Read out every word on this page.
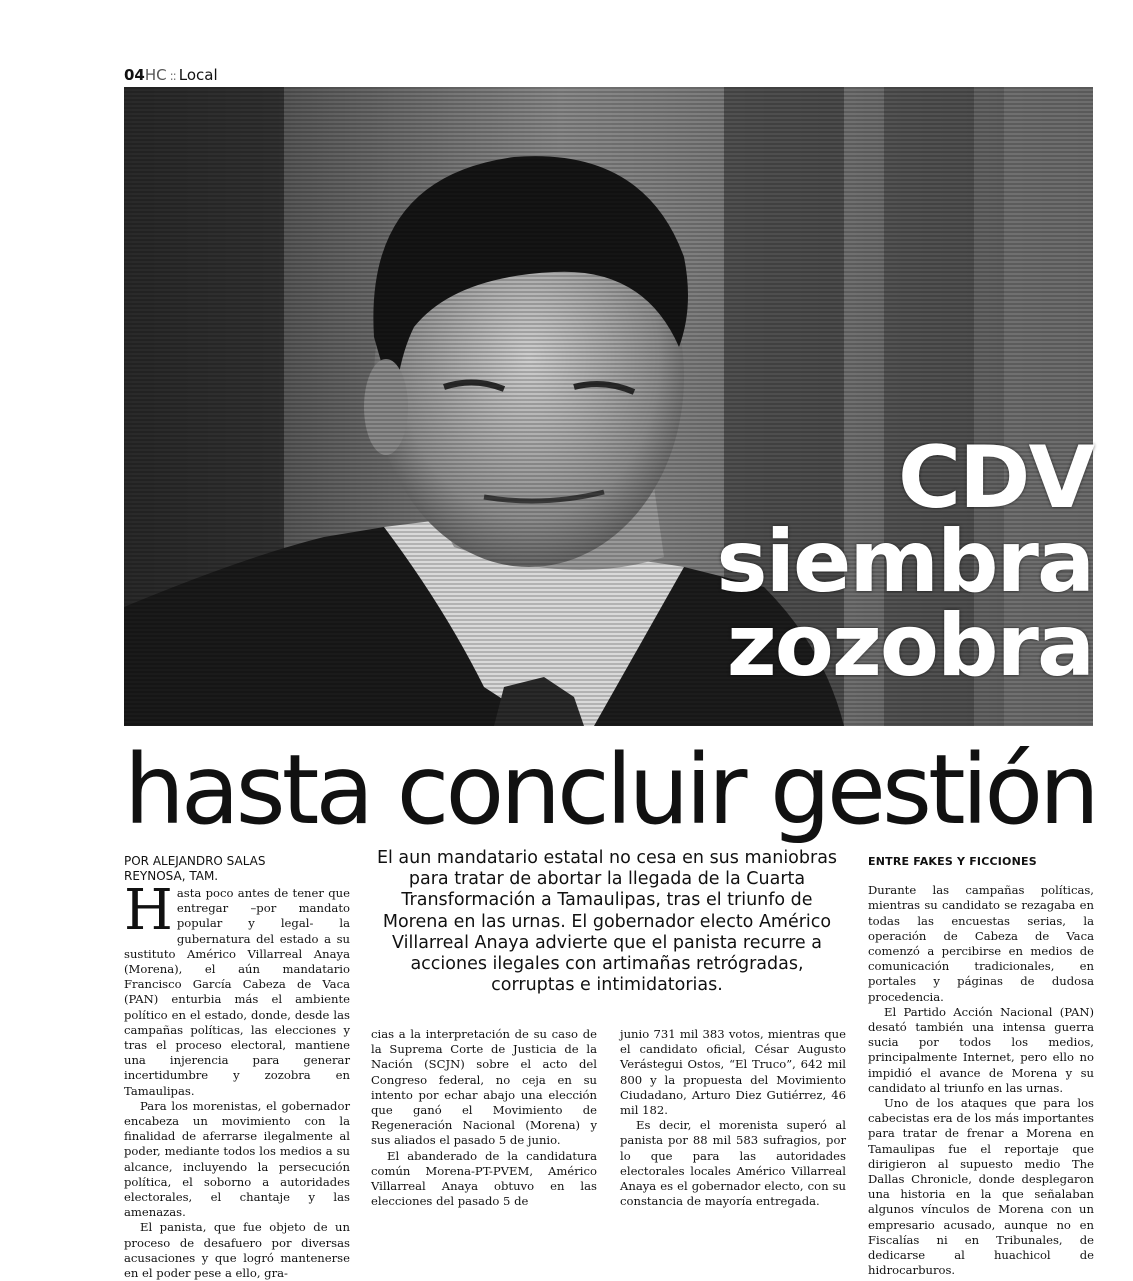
04HC :: Local
CDV
siembra
zozobra
hasta concluir gestión
POR ALEJANDRO SALAS
REYNOSA, TAM.

Hasta poco antes de tener que entregar –por mandato popular y legal- la gubernatura del estado a su sustituto Américo Villarreal Anaya (Morena), el aún mandatario Francisco García Cabeza de Vaca (PAN) enturbia más el ambiente político en el estado, donde, desde las campañas políticas, las elecciones y tras el proceso electoral, mantiene una injerencia para generar incertidumbre y zozobra en Tamaulipas.

Para los morenistas, el gobernador encabeza un movimiento con la finalidad de aferrarse ilegalmente al poder, mediante todos los medios a su alcance, incluyendo la persecución política, el soborno a autoridades electorales, el chantaje y las amenazas.

El panista, que fue objeto de un proceso de desafuero por diversas acusaciones y que logró mantenerse en el poder pese a ello, gra-

El aun mandatario estatal no cesa en sus maniobras para tratar de abortar la llegada de la Cuarta Transformación a Tamaulipas, tras el triunfo de Morena en las urnas. El gobernador electo Américo Villarreal Anaya advierte que el panista recurre a acciones ilegales con artimañas retrógradas, corruptas e intimidatorias.

cias a la interpretación de su caso de la Suprema Corte de Justicia de la Nación (SCJN) sobre el acto del Congreso federal, no ceja en su intento por echar abajo una elección que ganó el Movimiento de Regeneración Nacional (Morena) y sus aliados el pasado 5 de junio.

El abanderado de la candidatura común Morena-PT-PVEM, Américo Villarreal Anaya obtuvo en las elecciones del pasado 5 de

junio 731 mil 383 votos, mientras que el candidato oficial, César Augusto Verástegui Ostos, “El Truco”, 642 mil 800 y la propuesta del Movimiento Ciudadano, Arturo Diez Gutiérrez, 46 mil 182.

Es decir, el morenista superó al panista por 88 mil 583 sufragios, por lo que para las autoridades electorales locales Américo Villarreal Anaya es el gobernador electo, con su constancia de mayoría entregada.

ENTRE FAKES Y FICCIONES

Durante las campañas políticas, mientras su candidato se rezagaba en todas las encuestas serias, la operación de Cabeza de Vaca comenzó a percibirse en medios de comunicación tradicionales, en portales y páginas de dudosa procedencia.

El Partido Acción Nacional (PAN) desató también una intensa guerra sucia por todos los medios, principalmente Internet, pero ello no impidió el avance de Morena y su candidato al triunfo en las urnas.

Uno de los ataques que para los cabecistas era de los más importantes para tratar de frenar a Morena en Tamaulipas fue el reportaje que dirigieron al supuesto medio The Dallas Chronicle, donde desplegaron una historia en la que señalaban algunos vínculos de Morena con un empresario acusado, aunque no en Fiscalías ni en Tribunales, de dedicarse al huachicol de hidrocarburos.
